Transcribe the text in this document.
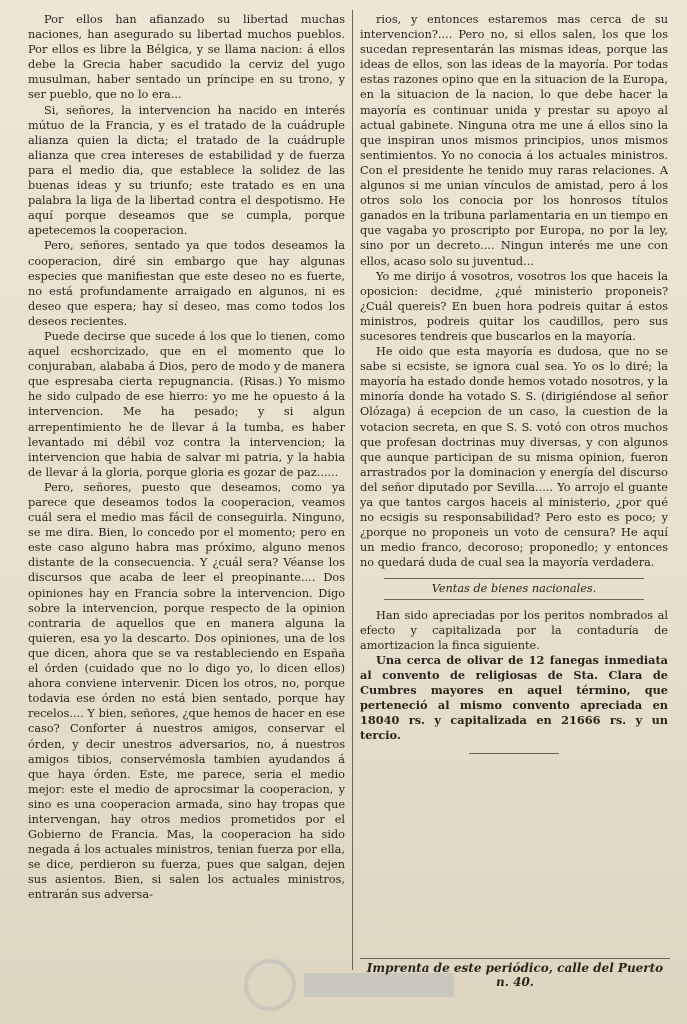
Por ellos han afianzado su libertad muchas naciones, han asegurado su libertad muchos pueblos. Por ellos es libre la Bélgica, y se llama nacion: á ellos debe la Grecia haber sacudido la cerviz del yugo musulman, haber sentado un príncipe en su trono, y ser pueblo, que no lo era...

Si, señores, la intervencion ha nacido en interés mútuo de la Francia, y es el tratado de la cuádruple alianza quien la dicta; el tratado de la cuádruple alianza que crea intereses de estabilidad y de fuerza para el medio dia, que establece la solidez de las buenas ideas y su triunfo; este tratado es en una palabra la liga de la libertad contra el despotismo. He aquí porque deseamos que se cumpla, porque apetecemos la cooperacion.

Pero, señores, sentado ya que todos deseamos la cooperacion, diré sin embargo que hay algunas especies que manifiestan que este deseo no es fuerte, no está profundamente arraigado en algunos, ni es deseo que espera; hay sí deseo, mas como todos los deseos recientes.

Puede decirse que sucede á los que lo tienen, como aquel ecshorcizado, que en el momento que lo conjuraban, alababa á Dios, pero de modo y de manera que espresaba cierta repugnancia. (Risas.) Yo mismo he sido culpado de ese hierro: yo me he opuesto á la intervencion. Me ha pesado; y si algun arrepentimiento he de llevar á la tumba, es haber levantado mi débil voz contra la intervencion; la intervencion que habia de salvar mi patria, y la habia de llevar á la gloria, porque gloria es gozar de paz......

Pero, señores, puesto que deseamos, como ya parece que deseamos todos la cooperacion, veamos cuál sera el medio mas fácil de conseguirla. Ninguno, se me dira. Bien, lo concedo por el momento; pero en este caso alguno habra mas próximo, alguno menos distante de la consecuencia. Y ¿cuál sera? Véanse los discursos que acaba de leer el preopinante.... Dos opiniones hay en Francia sobre la intervencion. Digo sobre la intervencion, porque respecto de la opinion contraria de aquellos que en manera alguna la quieren, esa yo la descarto. Dos opiniones, una de los que dicen, ahora que se va restableciendo en España el órden (cuidado que no lo digo yo, lo dicen ellos) ahora conviene intervenir. Dicen los otros, no, porque todavia ese órden no está bien sentado, porque hay recelos.... Y bien, señores, ¿que hemos de hacer en ese caso? Conforter á nuestros amigos, conservar el órden, y decir unestros adversarios, no, á nuestros amigos tibios, conservémosla tambien ayudandos á que haya órden. Este, me parece, seria el medio mejor: este el medio de aprocsimar la cooperacion, y sino es una cooperacion armada, sino hay tropas que intervengan, hay otros medios prometidos por el Gobierno de Francia. Mas, la cooperacion ha sido negada á los actuales ministros, tenian fuerza por ella, se dice, perdieron su fuerza, pues que salgan, dejen sus asientos. Bien, si salen los actuales ministros, entrarán sus adversa-

rios, y entonces estaremos mas cerca de su intervencion?.... Pero no, si ellos salen, los que los sucedan representarán las mismas ideas, porque las ideas de ellos, son las ideas de la mayoría. Por todas estas razones opino que en la situacion de la Europa, en la situacion de la nacion, lo que debe hacer la mayoría es continuar unida y prestar su apoyo al actual gabinete. Ninguna otra me une á ellos sino la que inspiran unos mismos principios, unos mismos sentimientos. Yo no conocia á los actuales ministros. Con el presidente he tenido muy raras relaciones. A algunos si me unian vínculos de amistad, pero á los otros solo los conocia por los honrosos títulos ganados en la tribuna parlamentaria en un tiempo en que vagaba yo proscripto por Europa, no por la ley, sino por un decreto.... Ningun interés me une con ellos, acaso solo su juventud...

Yo me dirijo á vosotros, vosotros los que haceis la oposicion: decidme, ¿qué ministerio proponeis? ¿Cuál quereis? En buen hora podreis quitar á estos ministros, podreis quitar los caudillos, pero sus sucesores tendreis que buscarlos en la mayoría.

He oido que esta mayoría es dudosa, que no se sabe si ecsiste, se ignora cual sea. Yo os lo diré; la mayoría ha estado donde hemos votado nosotros, y la minoría donde ha votado S. S. (dirigiéndose al señor Olózaga) á ecepcion de un caso, la cuestion de la votacion secreta, en que S. S. votó con otros muchos que profesan doctrinas muy diversas, y con algunos que aunque participan de su misma opinion, fueron arrastrados por la dominacion y energía del discurso del señor diputado por Sevilla..... Yo arrojo el guante ya que tantos cargos haceis al ministerio, ¿por qué no ecsigis su responsabilidad? Pero esto es poco; y ¿porque no proponeis un voto de censura? He aquí un medio franco, decoroso; proponedlo; y entonces no quedará duda de cual sea la mayoría verdadera.

Ventas de bienes nacionales.

Han sido apreciadas por los peritos nombrados al efecto y capitalizada por la contaduría de amortizacion la finca siguiente.

Una cerca de olivar de 12 fanegas inmediata al convento de religiosas de Sta. Clara de Cumbres mayores en aquel término, que perteneció al mismo convento apreciada en 18040 rs. y capitalizada en 21666 rs. y un tercio.

Imprenta de este periódico, calle del Puerto n. 40.
